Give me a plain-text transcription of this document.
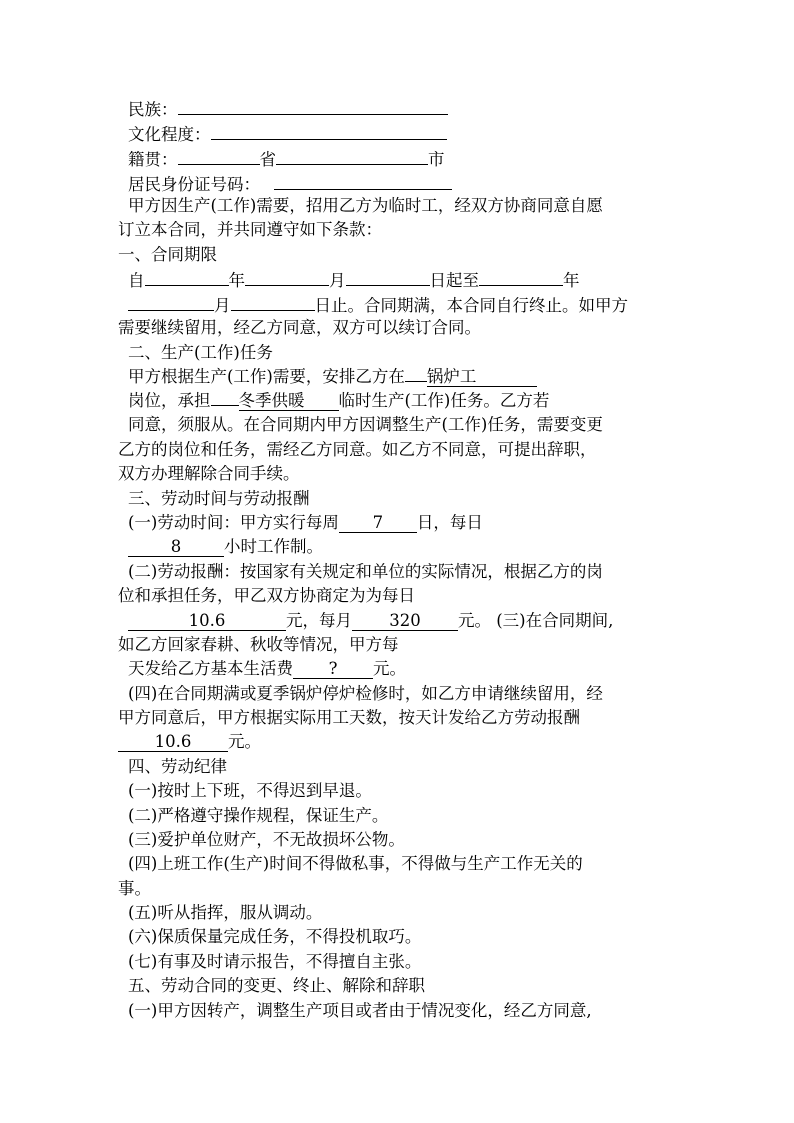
民族：
文化程度：
籍贯：	省	市
居民身份证号码：
甲方因生产(工作)需要，招用乙方为临时工，经双方协商同意自愿
订立本合同，并共同遵守如下条款：
一、合同期限
自	年	月	日起至	年
月	日止。合同期满，本合同自行终止。如甲方
需要继续留用，经乙方同意，双方可以续订合同。
二、生产(工作)任务
甲方根据生产(工作)需要，安排乙方在 锅炉工
岗位，承担 冬季供暖 临时生产(工作)任务。乙方若
同意，须服从。在合同期内甲方因调整生产(工作)任务，需要变更
乙方的岗位和任务，需经乙方同意。如乙方不同意，可提出辞职，
双方办理解除合同手续。
三、劳动时间与劳动报酬
(一)劳动时间：甲方实行每周 7 日，每日
8	小时工作制。
(二)劳动报酬：按国家有关规定和单位的实际情况，根据乙方的岗
位和承担任务，甲乙双方协商定为为每日
10.6	元，每月 320 元。 (三)在合同期间,
如乙方回家春耕、秋收等情况，甲方每
天发给乙方基本生活费 ? 元。
(四)在合同期满或夏季锅炉停炉检修时，如乙方申请继续留用，经
甲方同意后，甲方根据实际用工天数，按天计发给乙方劳动报酬
10.6 元。
四、劳动纪律
(一)按时上下班，不得迟到早退。
(二)严格遵守操作规程，保证生产。
(三)爱护单位财产，不无故损坏公物。
(四)上班工作(生产)时间不得做私事，不得做与生产工作无关的
事。
(五)听从指挥，服从调动。
(六)保质保量完成任务，不得投机取巧。
(七)有事及时请示报告，不得擅自主张。
五、劳动合同的变更、终止、解除和辞职
(一)甲方因转产，调整生产项目或者由于情况变化，经乙方同意,
